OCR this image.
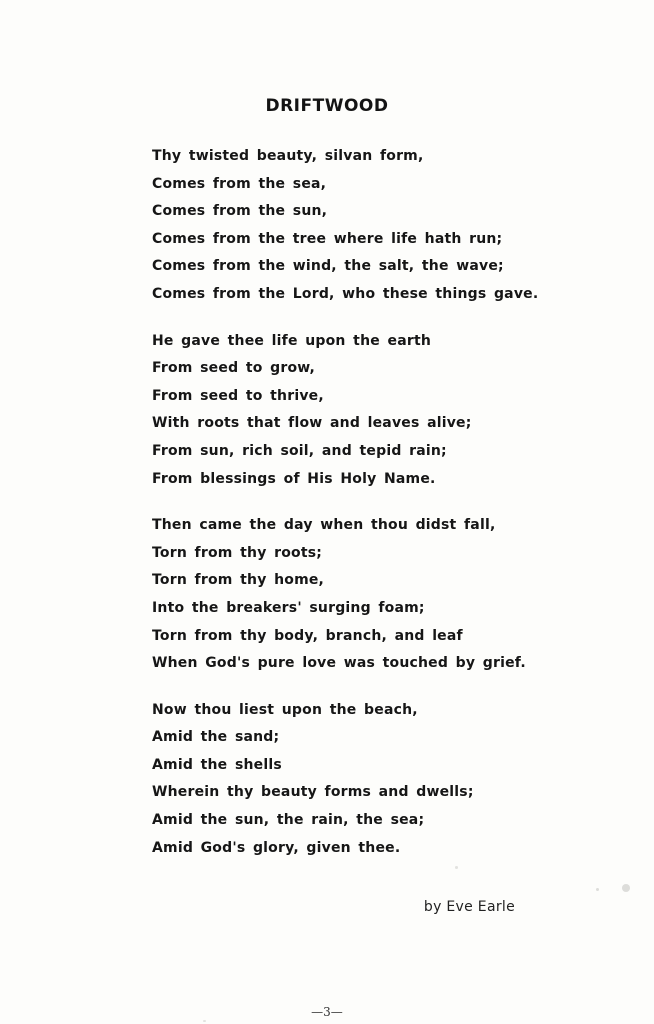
DRIFTWOOD
Thy twisted beauty, silvan form,
Comes from the sea,
Comes from the sun,
Comes from the tree where life hath run;
Comes from the wind, the salt, the wave;
Comes from the Lord, who these things gave.
He gave thee life upon the earth
From seed to grow,
From seed to thrive,
With roots that flow and leaves alive;
From sun, rich soil, and tepid rain;
From blessings of His Holy Name.
Then came the day when thou didst fall,
Torn from thy roots;
Torn from thy home,
Into the breakers' surging foam;
Torn from thy body, branch, and leaf
When God's pure love was touched by grief.
Now thou liest upon the beach,
Amid the sand;
Amid the shells
Wherein thy beauty forms and dwells;
Amid the sun, the rain, the sea;
Amid God's glory, given thee.
by Eve Earle
—3—
